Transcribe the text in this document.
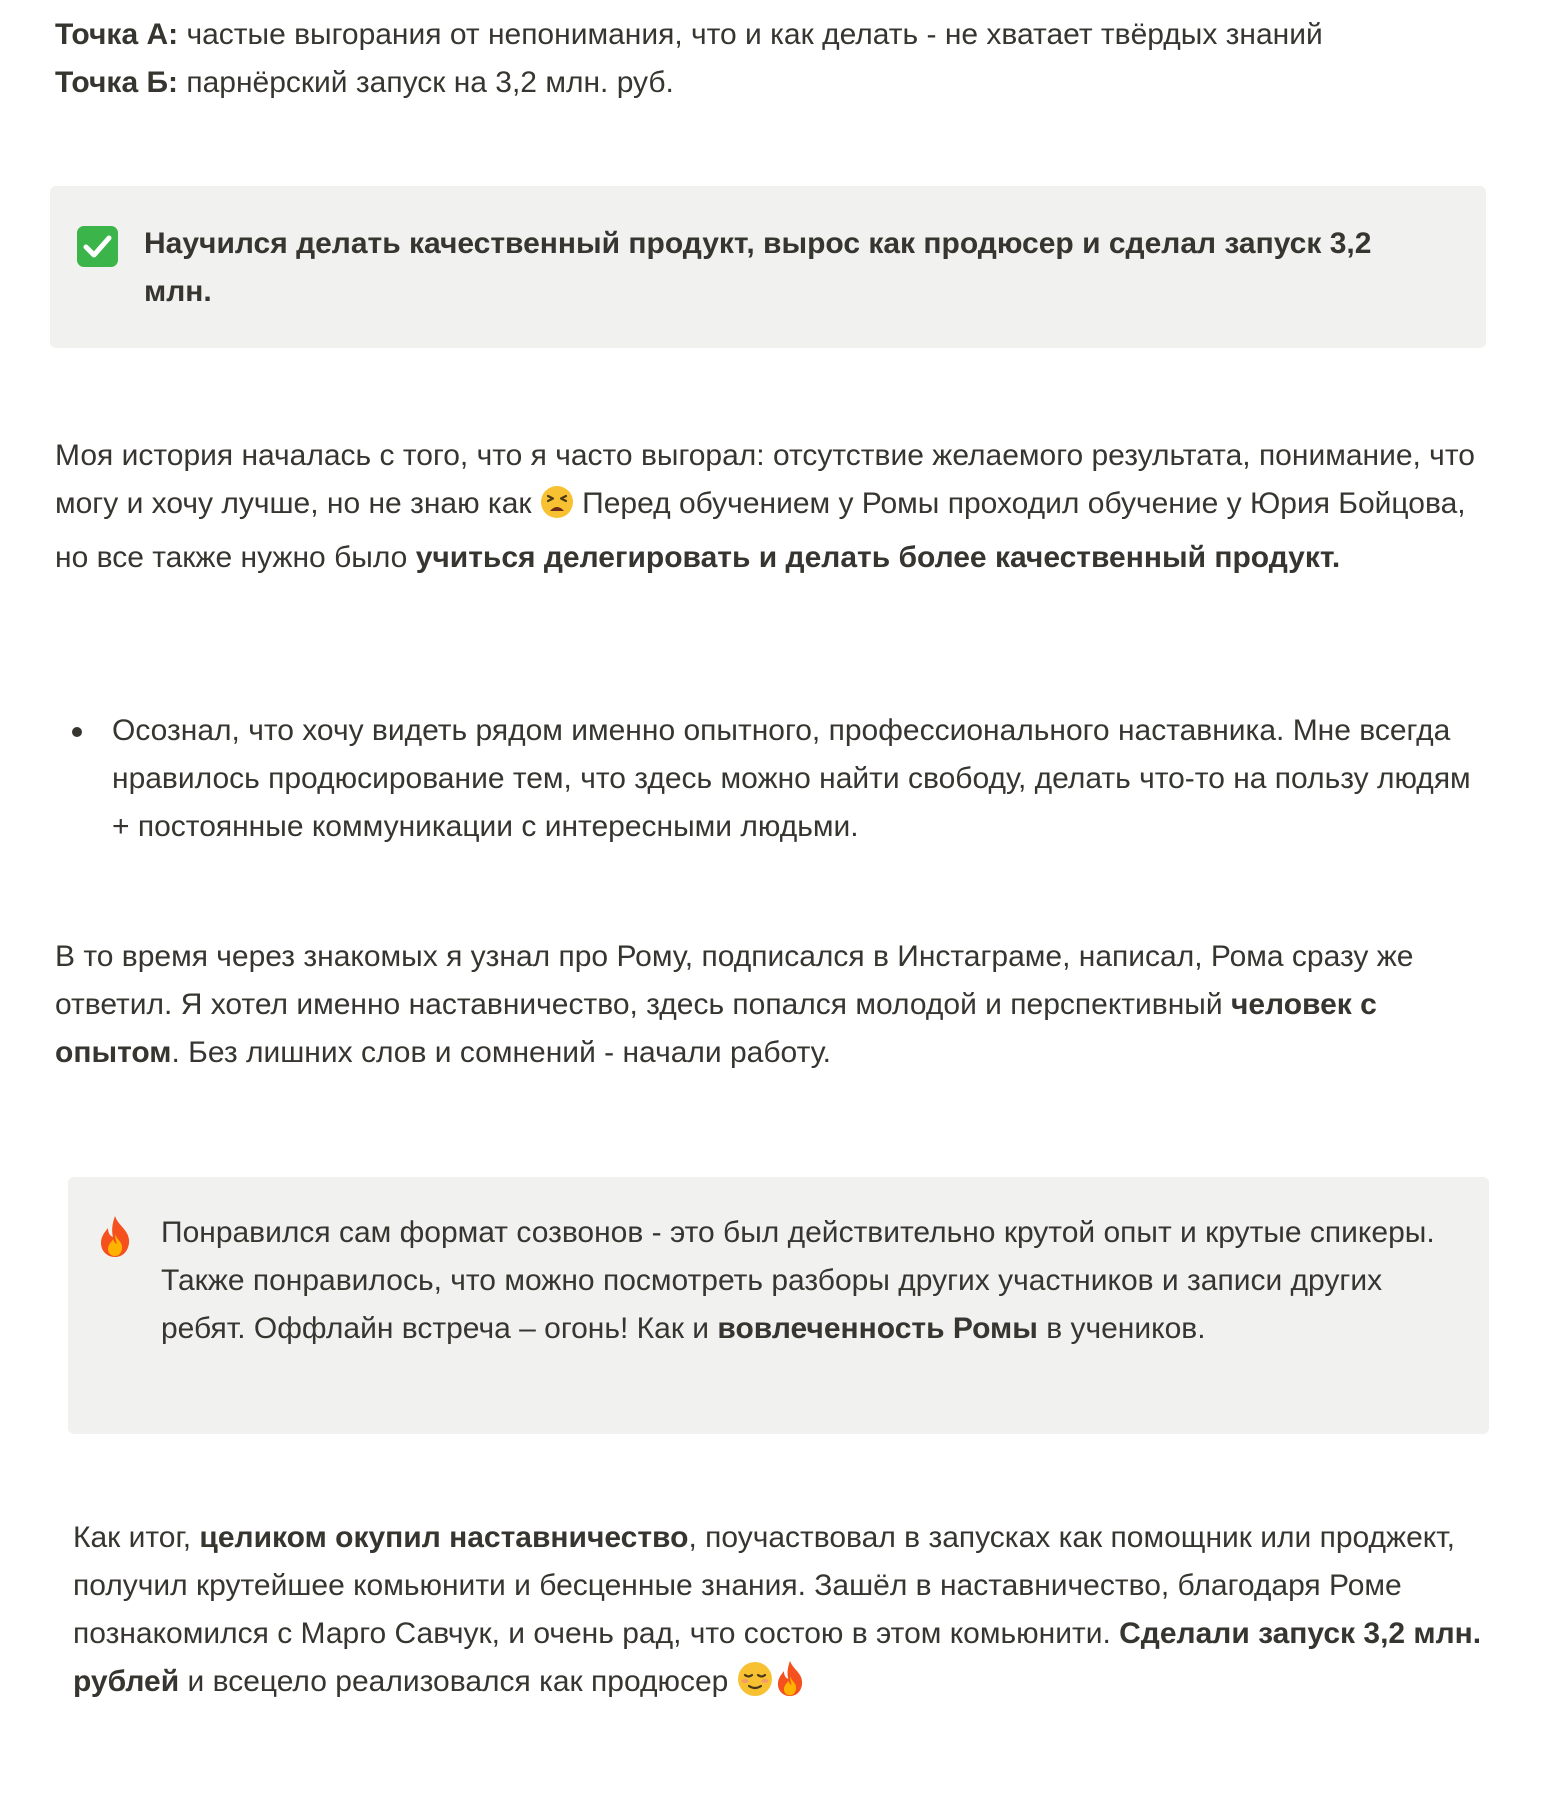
Точка А: частые выгорания от непонимания, что и как делать - не хватает твёрдых знаний
Точка Б: парнёрский запуск на 3,2 млн. руб.

Научился делать качественный продукт, вырос как продюсер и сделал запуск 3,2 млн.

Моя история началась с того, что я часто выгорал: отсутствие желаемого результата, понимание, что могу и хочу лучше, но не знаю как  Перед обучением у Ромы проходил обучение у Юрия Бойцова, но все также нужно было учиться делегировать и делать более качественный продукт.

Осознал, что хочу видеть рядом именно опытного, профессионального наставника. Мне всегда нравилось продюсирование тем, что здесь можно найти свободу, делать что-то на пользу людям + постоянные коммуникации с интересными людьми.

В то время через знакомых я узнал про Рому, подписался в Инстаграме, написал, Рома сразу же ответил. Я хотел именно наставничество, здесь попался молодой и перспективный человек с опытом. Без лишних слов и сомнений - начали работу.

Понравился сам формат созвонов - это был действительно крутой опыт и крутые спикеры. Также понравилось, что можно посмотреть разборы других участников и записи других ребят. Оффлайн встреча – огонь! Как и вовлеченность Ромы в учеников.

Как итог, целиком окупил наставничество, поучаствовал в запусках как помощник или проджект, получил крутейшее комьюнити и бесценные знания. Зашёл в наставничество, благодаря Роме познакомился с Марго Савчук, и очень рад, что состою в этом комьюнити. Сделали запуск 3,2 млн. рублей и всецело реализовался как продюсер
